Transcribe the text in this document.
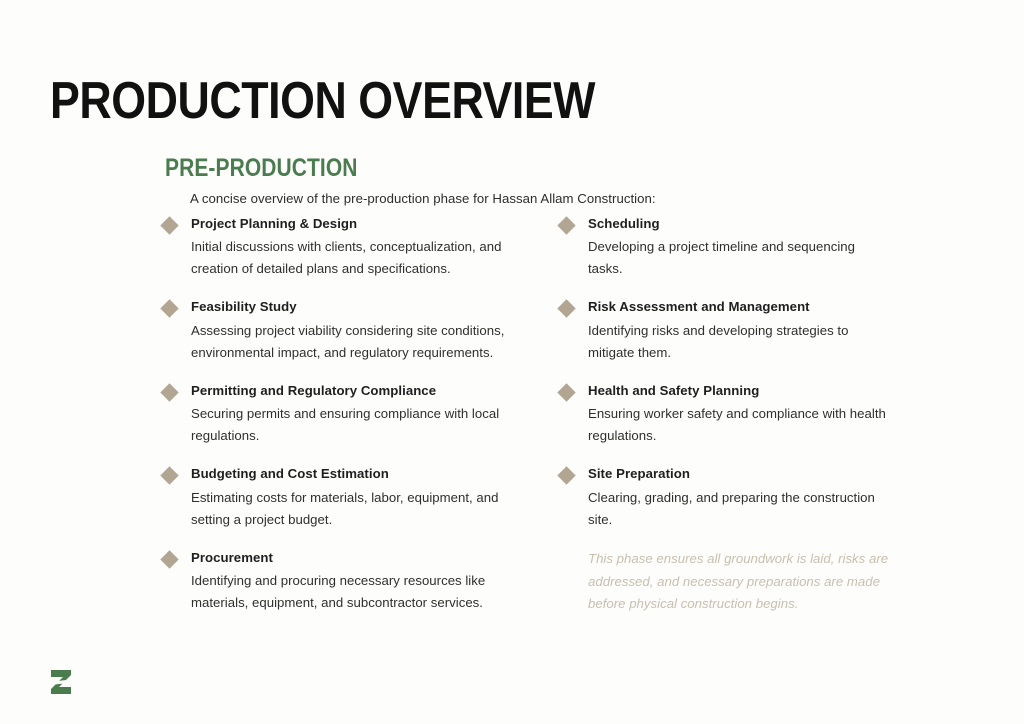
PRODUCTION OVERVIEW
PRE-PRODUCTION

A concise overview of the pre-production phase for Hassan Allam Construction:

Project Planning & Design
Initial discussions with clients, conceptualization, and creation of detailed plans and specifications.
Feasibility Study
Assessing project viability considering site conditions, environmental impact, and regulatory requirements.
Permitting and Regulatory Compliance
Securing permits and ensuring compliance with local regulations.
Budgeting and Cost Estimation
Estimating costs for materials, labor, equipment, and setting a project budget.
Procurement
Identifying and procuring necessary resources like materials, equipment, and subcontractor services.
Scheduling
Developing a project timeline and sequencing tasks.
Risk Assessment and Management
Identifying risks and developing strategies to mitigate them.
Health and Safety Planning
Ensuring worker safety and compliance with health regulations.
Site Preparation
Clearing, grading, and preparing the construction site.
This phase ensures all groundwork is laid, risks are addressed, and necessary preparations are made before physical construction begins.
